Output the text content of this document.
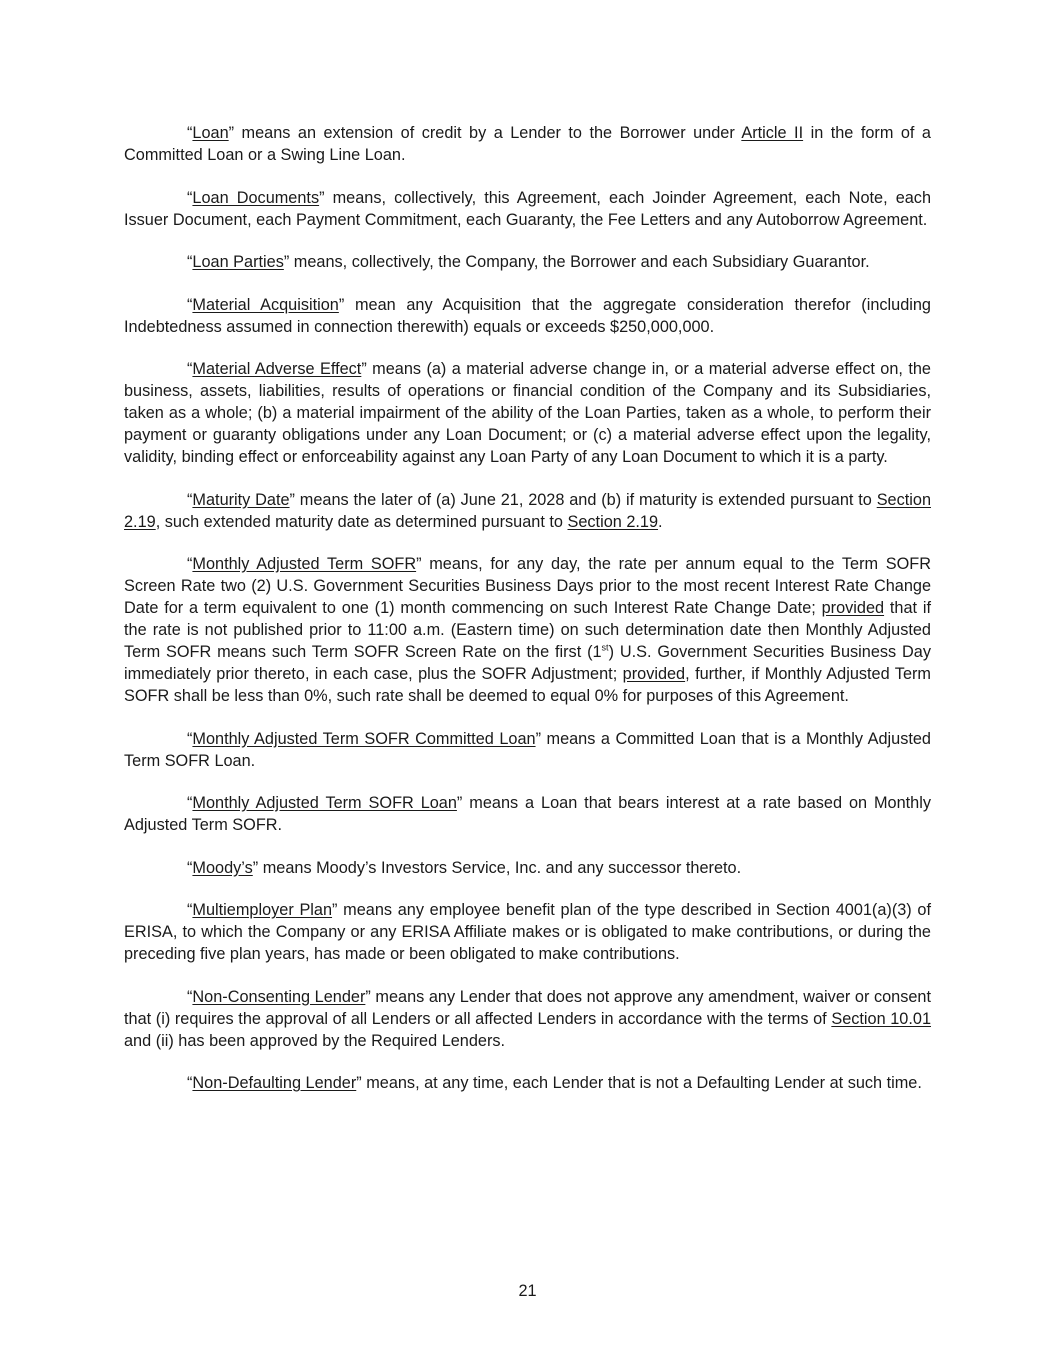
“Loan” means an extension of credit by a Lender to the Borrower under Article II in the form of a Committed Loan or a Swing Line Loan.

“Loan Documents” means, collectively, this Agreement, each Joinder Agreement, each Note, each Issuer Document, each Payment Commitment, each Guaranty, the Fee Letters and any Autoborrow Agreement.

“Loan Parties” means, collectively, the Company, the Borrower and each Subsidiary Guarantor.

“Material Acquisition” mean any Acquisition that the aggregate consideration therefor (including Indebtedness assumed in connection therewith) equals or exceeds $250,000,000.

“Material Adverse Effect” means (a) a material adverse change in, or a material adverse effect on, the business, assets, liabilities, results of operations or financial condition of the Company and its Subsidiaries, taken as a whole; (b) a material impairment of the ability of the Loan Parties, taken as a whole, to perform their payment or guaranty obligations under any Loan Document; or (c) a material adverse effect upon the legality, validity, binding effect or enforceability against any Loan Party of any Loan Document to which it is a party.

“Maturity Date” means the later of (a) June 21, 2028 and (b) if maturity is extended pursuant to Section 2.19, such extended maturity date as determined pursuant to Section 2.19.

“Monthly Adjusted Term SOFR” means, for any day, the rate per annum equal to the Term SOFR Screen Rate two (2) U.S. Government Securities Business Days prior to the most recent Interest Rate Change Date for a term equivalent to one (1) month commencing on such Interest Rate Change Date; provided that if the rate is not published prior to 11:00 a.m. (Eastern time) on such determination date then Monthly Adjusted Term SOFR means such Term SOFR Screen Rate on the first (1st) U.S. Government Securities Business Day immediately prior thereto, in each case, plus the SOFR Adjustment; provided, further, if Monthly Adjusted Term SOFR shall be less than 0%, such rate shall be deemed to equal 0% for purposes of this Agreement.

“Monthly Adjusted Term SOFR Committed Loan” means a Committed Loan that is a Monthly Adjusted Term SOFR Loan.

“Monthly Adjusted Term SOFR Loan” means a Loan that bears interest at a rate based on Monthly Adjusted Term SOFR.

“Moody’s” means Moody’s Investors Service, Inc. and any successor thereto.

“Multiemployer Plan” means any employee benefit plan of the type described in Section 4001(a)(3) of ERISA, to which the Company or any ERISA Affiliate makes or is obligated to make contributions, or during the preceding five plan years, has made or been obligated to make contributions.

“Non-Consenting Lender” means any Lender that does not approve any amendment, waiver or consent that (i) requires the approval of all Lenders or all affected Lenders in accordance with the terms of Section 10.01 and (ii) has been approved by the Required Lenders.

“Non-Defaulting Lender” means, at any time, each Lender that is not a Defaulting Lender at such time.

21
